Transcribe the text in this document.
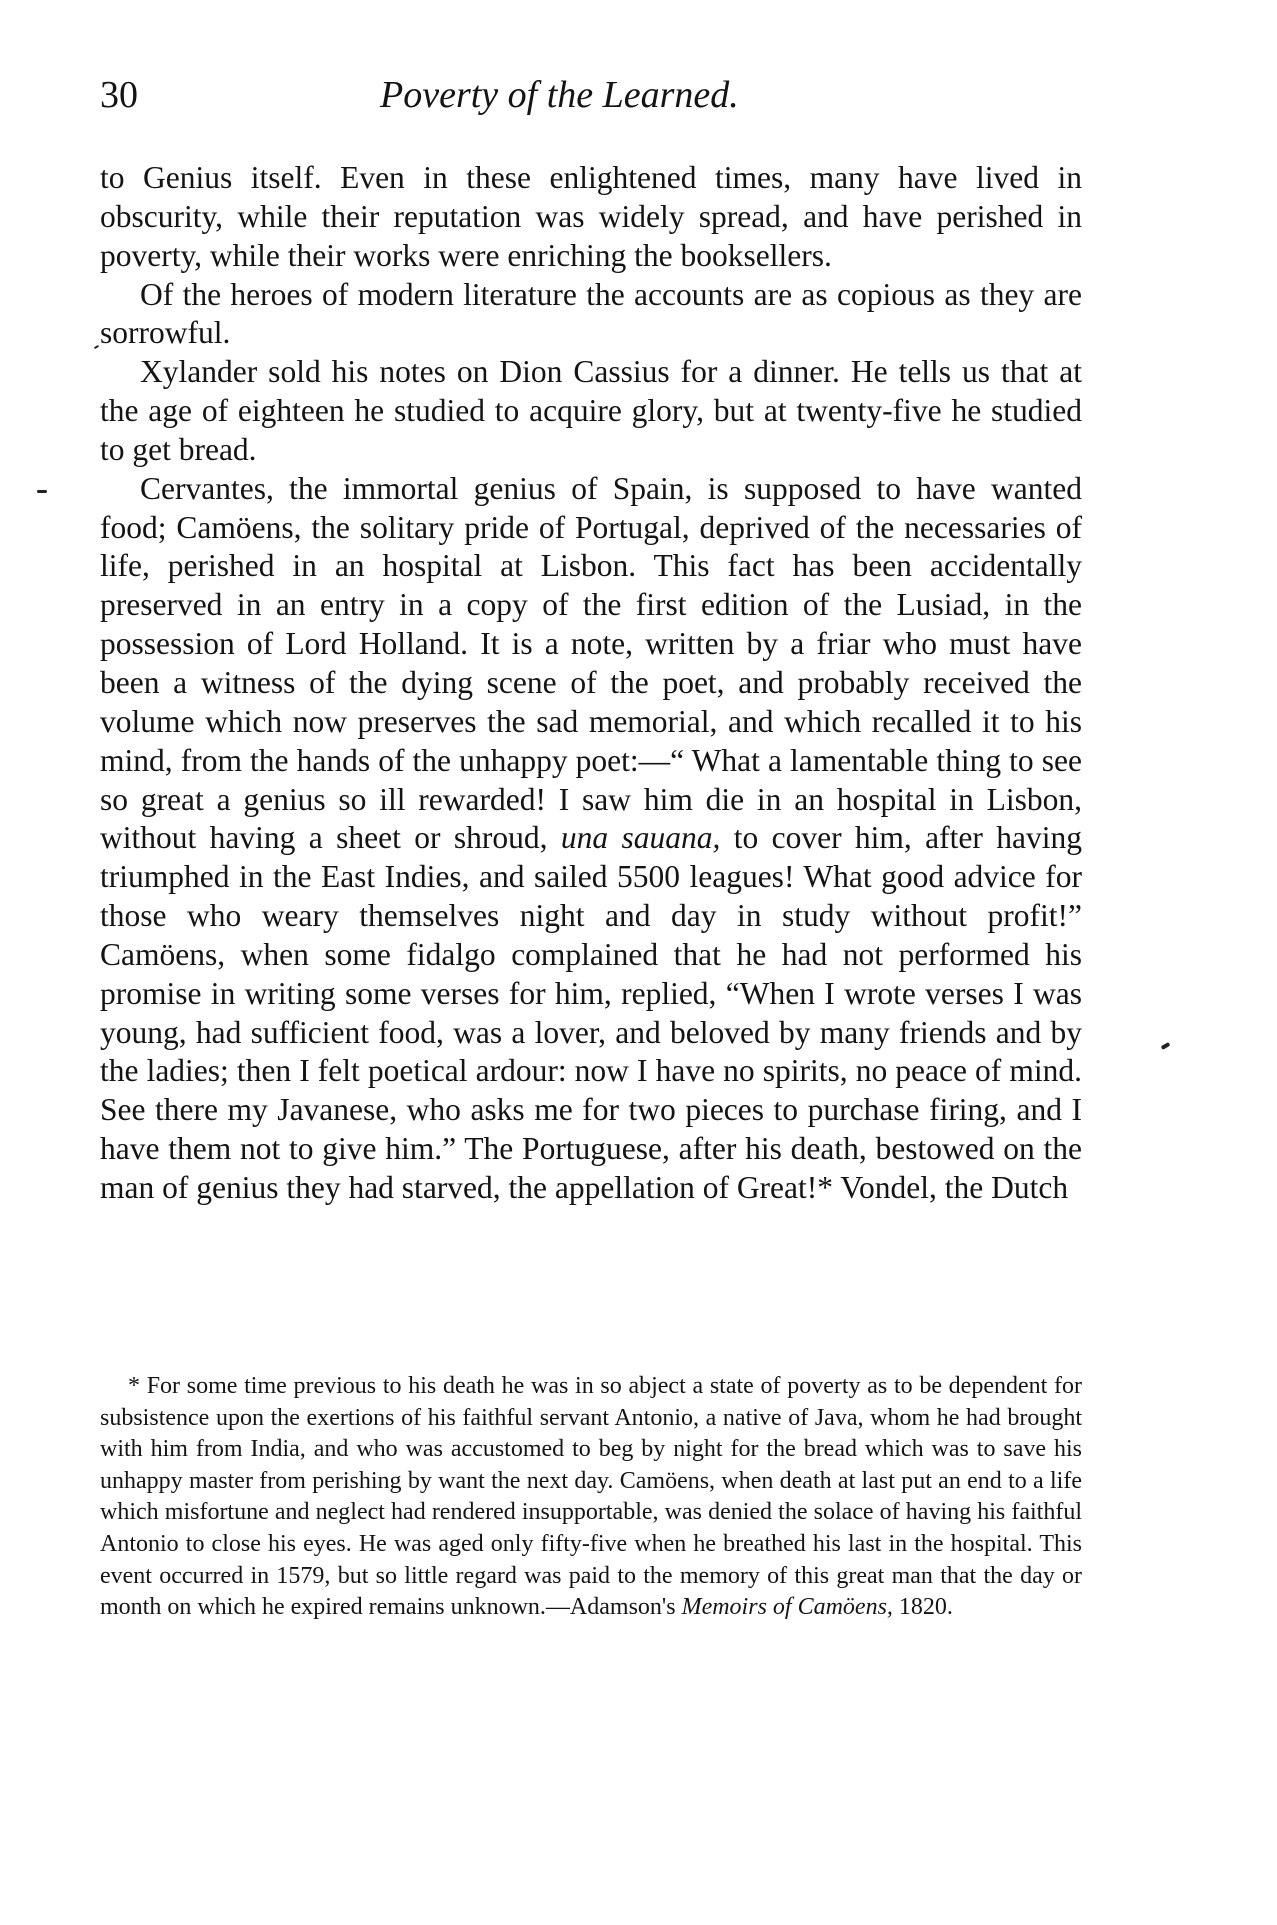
30	Poverty of the Learned.

to Genius itself. Even in these enlightened times, many have lived in obscurity, while their reputation was widely spread, and have perished in poverty, while their works were enriching the booksellers.

Of the heroes of modern literature the accounts are as copious as they are sorrowful.

Xylander sold his notes on Dion Cassius for a dinner. He tells us that at the age of eighteen he studied to acquire glory, but at twenty-five he studied to get bread.

Cervantes, the immortal genius of Spain, is supposed to have wanted food; Camöens, the solitary pride of Portugal, deprived of the necessaries of life, perished in an hospital at Lisbon. This fact has been accidentally preserved in an entry in a copy of the first edition of the Lusiad, in the possession of Lord Holland. It is a note, written by a friar who must have been a witness of the dying scene of the poet, and probably received the volume which now preserves the sad memorial, and which recalled it to his mind, from the hands of the unhappy poet:—“ What a lamentable thing to see so great a genius so ill rewarded! I saw him die in an hospital in Lisbon, without having a sheet or shroud, una sauana, to cover him, after having triumphed in the East Indies, and sailed 5500 leagues! What good advice for those who weary themselves night and day in study without profit!” Camöens, when some fidalgo complained that he had not performed his promise in writing some verses for him, replied, “When I wrote verses I was young, had sufficient food, was a lover, and beloved by many friends and by the ladies; then I felt poetical ardour: now I have no spirits, no peace of mind. See there my Javanese, who asks me for two pieces to purchase firing, and I have them not to give him.” The Portuguese, after his death, bestowed on the man of genius they had starved, the appellation of Great!* Vondel, the Dutch

* For some time previous to his death he was in so abject a state of poverty as to be dependent for subsistence upon the exertions of his faithful servant Antonio, a native of Java, whom he had brought with him from India, and who was accustomed to beg by night for the bread which was to save his unhappy master from perishing by want the next day. Camöens, when death at last put an end to a life which misfortune and neglect had rendered insupportable, was denied the solace of having his faithful Antonio to close his eyes. He was aged only fifty-five when he breathed his last in the hospital. This event occurred in 1579, but so little regard was paid to the memory of this great man that the day or month on which he expired remains unknown.—Adamson's Memoirs of Camöens, 1820.
